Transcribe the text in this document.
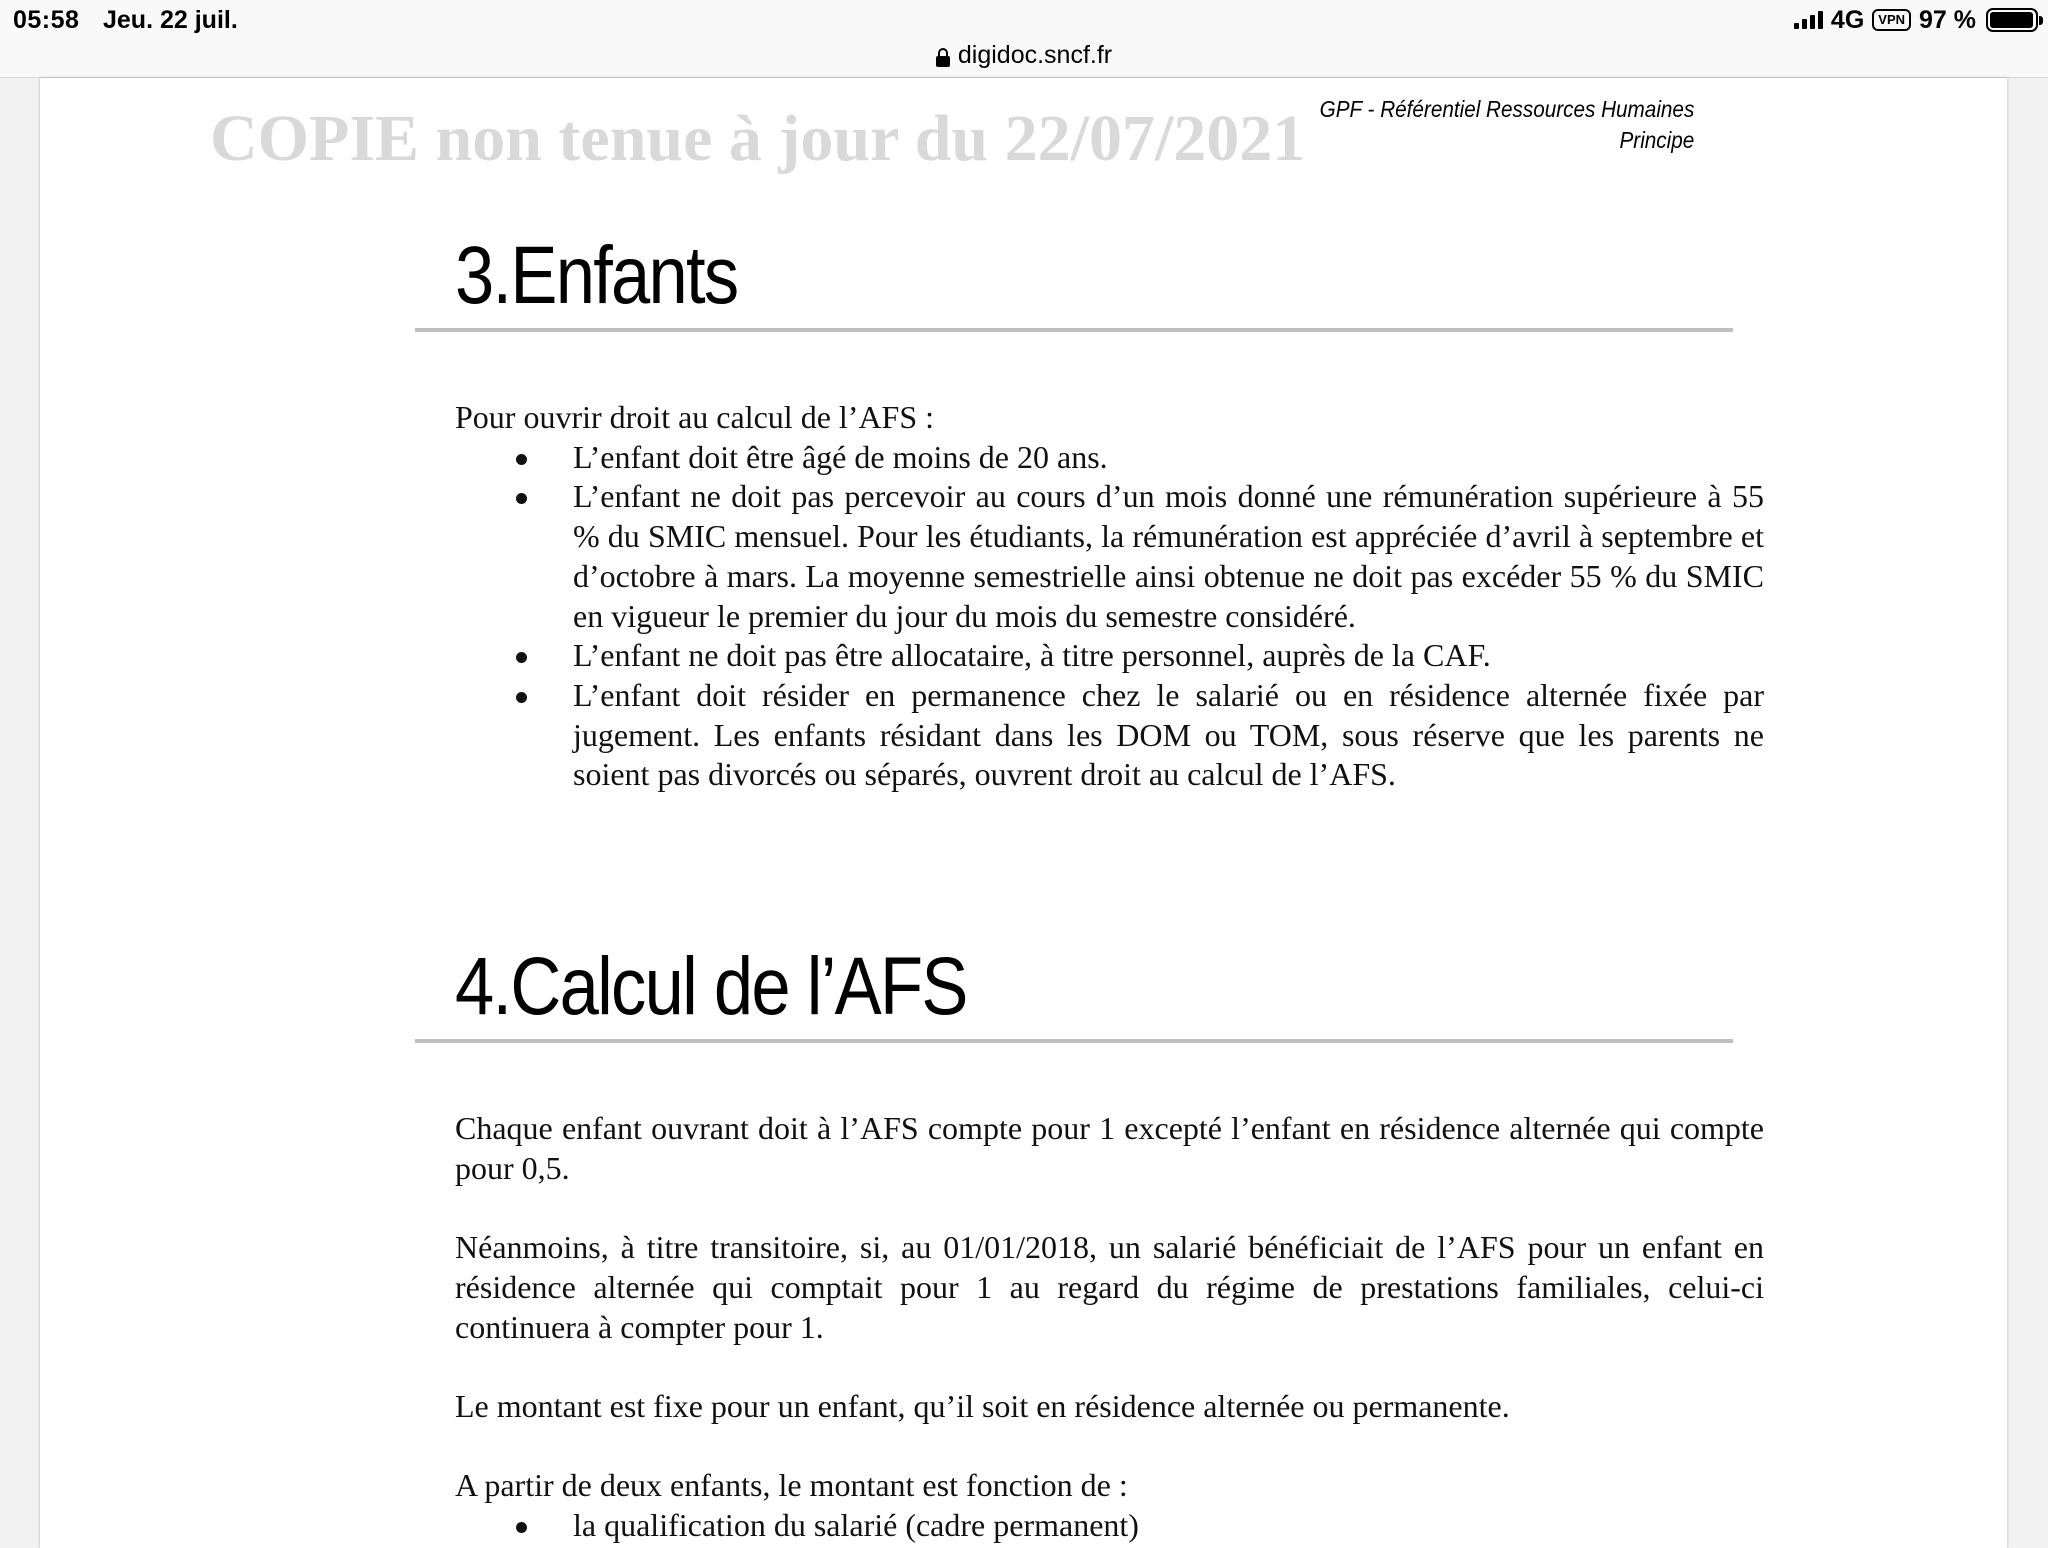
05:58 Jeu. 22 juil.	4G	VPN 97 %
digidoc.sncf.fr
COPIE non tenue à jour du 22/07/2021 GPF - Référentiel Ressources Humaines
Principe
3.Enfants

Pour ouvrir droit au calcul de l’AFS :

L’enfant doit être âgé de moins de 20 ans.
L’enfant ne doit pas percevoir au cours d’un mois donné une rémunération supérieure à 55 % du SMIC mensuel. Pour les étudiants, la rémunération est appréciée d’avril à septembre et d’octobre à mars. La moyenne semestrielle ainsi obtenue ne doit pas excéder 55 % du SMIC en vigueur le premier du jour du mois du semestre considéré.
L’enfant ne doit pas être allocataire, à titre personnel, auprès de la CAF.
L’enfant doit résider en permanence chez le salarié ou en résidence alternée fixée par jugement. Les enfants résidant dans les DOM ou TOM, sous réserve que les parents ne soient pas divorcés ou séparés, ouvrent droit au calcul de l’AFS.
4.Calcul de l’AFS

Chaque enfant ouvrant doit à l’AFS compte pour 1 excepté l’enfant en résidence alternée qui compte pour 0,5.

Néanmoins, à titre transitoire, si, au 01/01/2018, un salarié bénéficiait de l’AFS pour un enfant en résidence alternée qui comptait pour 1 au regard du régime de prestations familiales, celui-ci continuera à compter pour 1.

Le montant est fixe pour un enfant, qu’il soit en résidence alternée ou permanente.

A partir de deux enfants, le montant est fonction de :

la qualification du salarié (cadre permanent)
